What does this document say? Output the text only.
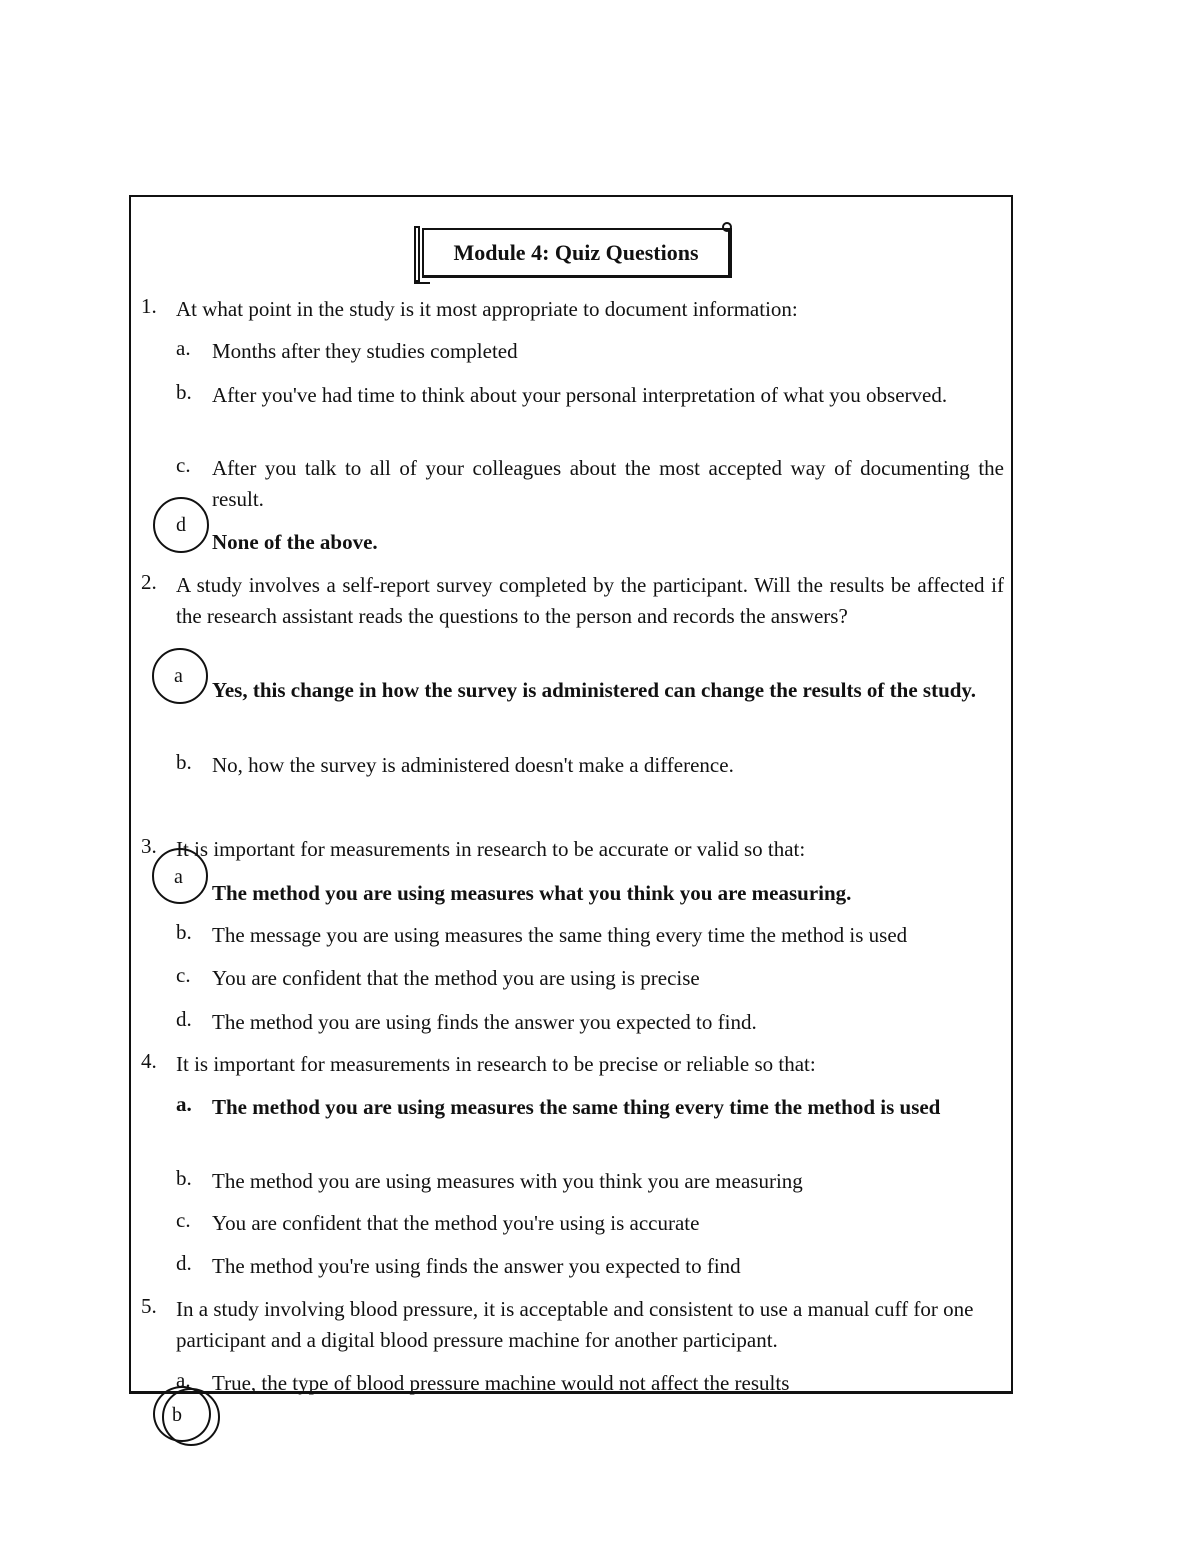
Module 4: Quiz Questions
1. At what point in the study is it most appropriate to document information:
a. Months after they studies completed
b. After you've had time to think about your personal interpretation of what you observed.
c. After you talk to all of your colleagues about the most accepted way of documenting the result.
None of the above.
d
2. A study involves a self-report survey completed by the participant. Will the results be affected if the research assistant reads the questions to the person and records the answers?
Yes, this change in how the survey is administered can change the results of the study.
b. No, how the survey is administered doesn't make a difference.
a
3. It is important for measurements in research to be accurate or valid so that:
The method you are using measures what you think you are measuring.
b. The message you are using measures the same thing every time the method is used
c. You are confident that the method you are using is precise
d. The method you are using finds the answer you expected to find.
a
4. It is important for measurements in research to be precise or reliable so that:
a. The method you are using measures the same thing every time the method is used
b. The method you are using measures with you think you are measuring
c. You are confident that the method you're using is accurate
d. The method you're using finds the answer you expected to find
5. In a study involving blood pressure, it is acceptable and consistent to use a manual cuff for one participant and a digital blood pressure machine for another participant.
a. True, the type of blood pressure machine would not affect the results
b
